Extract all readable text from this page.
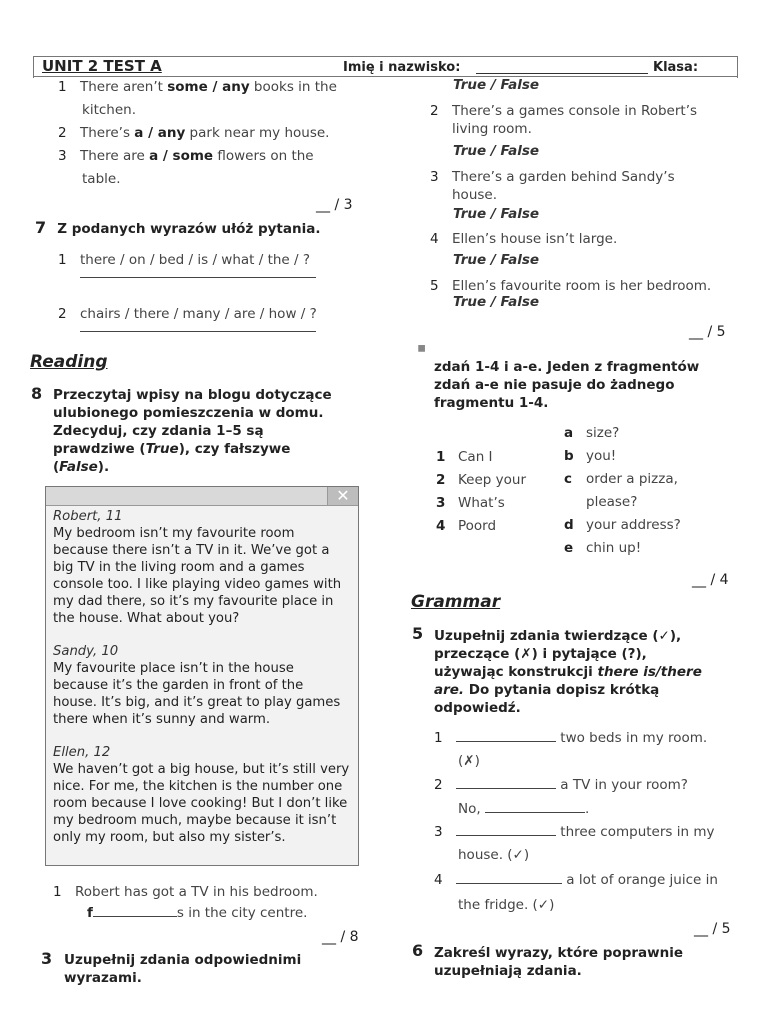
UNIT 2 TEST A	Imię i nazwisko:	Klasa:
1 There aren’t some / any books in the
kitchen.
2 There’s a / any park near my house.
3 There are a / some flowers on the
table.
__ / 3
7 Z podanych wyrazów ułóż pytania.
1 there / on / bed / is / what / the / ?
2 chairs / there / many / are / how / ?
Reading
8 Przeczytaj wpisy na blogu dotyczące
ulubionego pomieszczenia w domu.
Zdecyduj, czy zdania 1–5 są
prawdziwe (True), czy fałszywe
(False).
✕

Robert, 11
My bedroom isn’t my favourite room because there isn’t a TV in it. We’ve got a big TV in the living room and a games console too. I like playing video games with my dad there, so it’s my favourite place in the house. What about you?

Sandy, 10
My favourite place isn’t in the house because it’s the garden in front of the house. It’s big, and it’s great to play games there when it’s sunny and warm.

Ellen, 12
We haven’t got a big house, but it’s still very nice. For me, the kitchen is the number one room because I love cooking! But I don’t like my bedroom much, maybe because it isn’t only my room, but also my sister’s.

1 Robert has got a TV in his bedroom.
f	s in the city centre.
__ / 8
3 Uzupełnij zdania odpowiednimi
wyrazami.
True / False
2 There’s a games console in Robert’s
living room.
True / False
3 There’s a garden behind Sandy’s
house.
True / False
4 Ellen’s house isn’t large.
True / False
5 Ellen’s favourite room is her bedroom.
True / False
__ / 5
▪
zdań 1-4 i a-e. Jeden z fragmentów
zdań a-e nie pasuje do żadnego
fragmentu 1-4.
1 Can I
2 Keep your
3 What’s
4 Poord
a size?
b you!
c order a pizza,
please?
d your address?
e chin up!
__ / 4
Grammar
5 Uzupełnij zdania twierdzące (✓),
przeczące (✗) i pytające (?),
używając konstrukcji there is/there
are. Do pytania dopisz krótką
odpowiedź.
1	two beds in my room.
(✗)
2	a TV in your room?
No,	.
3	three computers in my
house. (✓)
4	a lot of orange juice in
the fridge. (✓)
__ / 5
6 Zakreśl wyrazy, które poprawnie
uzupełniają zdania.
